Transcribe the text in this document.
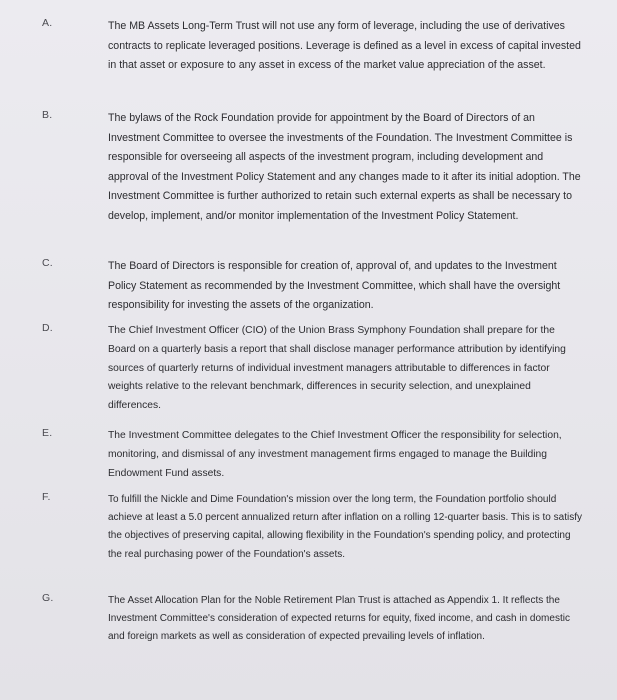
A.	The MB Assets Long-Term Trust will not use any form of leverage, including the use of derivatives contracts to replicate leveraged positions. Leverage is defined as a level in excess of capital invested in that asset or exposure to any asset in excess of the market value appreciation of the asset.

B.	The bylaws of the Rock Foundation provide for appointment by the Board of Directors of an Investment Committee to oversee the investments of the Foundation. The Investment Committee is responsible for overseeing all aspects of the investment program, including development and approval of the Investment Policy Statement and any changes made to it after its initial adoption. The Investment Committee is further authorized to retain such external experts as shall be necessary to develop, implement, and/or monitor implementation of the Investment Policy Statement.

C.	The Board of Directors is responsible for creation of, approval of, and updates to the Investment Policy Statement as recommended by the Investment Committee, which shall have the oversight responsibility for investing the assets of the organization.

D.	The Chief Investment Officer (CIO) of the Union Brass Symphony Foundation shall prepare for the Board on a quarterly basis a report that shall disclose manager performance attribution by identifying sources of quarterly returns of individual investment managers attributable to differences in factor weights relative to the relevant benchmark, differences in security selection, and unexplained differences.

E.	The Investment Committee delegates to the Chief Investment Officer the responsibility for selection, monitoring, and dismissal of any investment management firms engaged to manage the Building Endowment Fund assets.

F.	To fulfill the Nickle and Dime Foundation's mission over the long term, the Foundation portfolio should achieve at least a 5.0 percent annualized return after inflation on a rolling 12-quarter basis. This is to satisfy the objectives of preserving capital, allowing flexibility in the Foundation's spending policy, and protecting the real purchasing power of the Foundation's assets.

G.	The Asset Allocation Plan for the Noble Retirement Plan Trust is attached as Appendix 1. It reflects the Investment Committee's consideration of expected returns for equity, fixed income, and cash in domestic and foreign markets as well as consideration of expected prevailing levels of inflation.
